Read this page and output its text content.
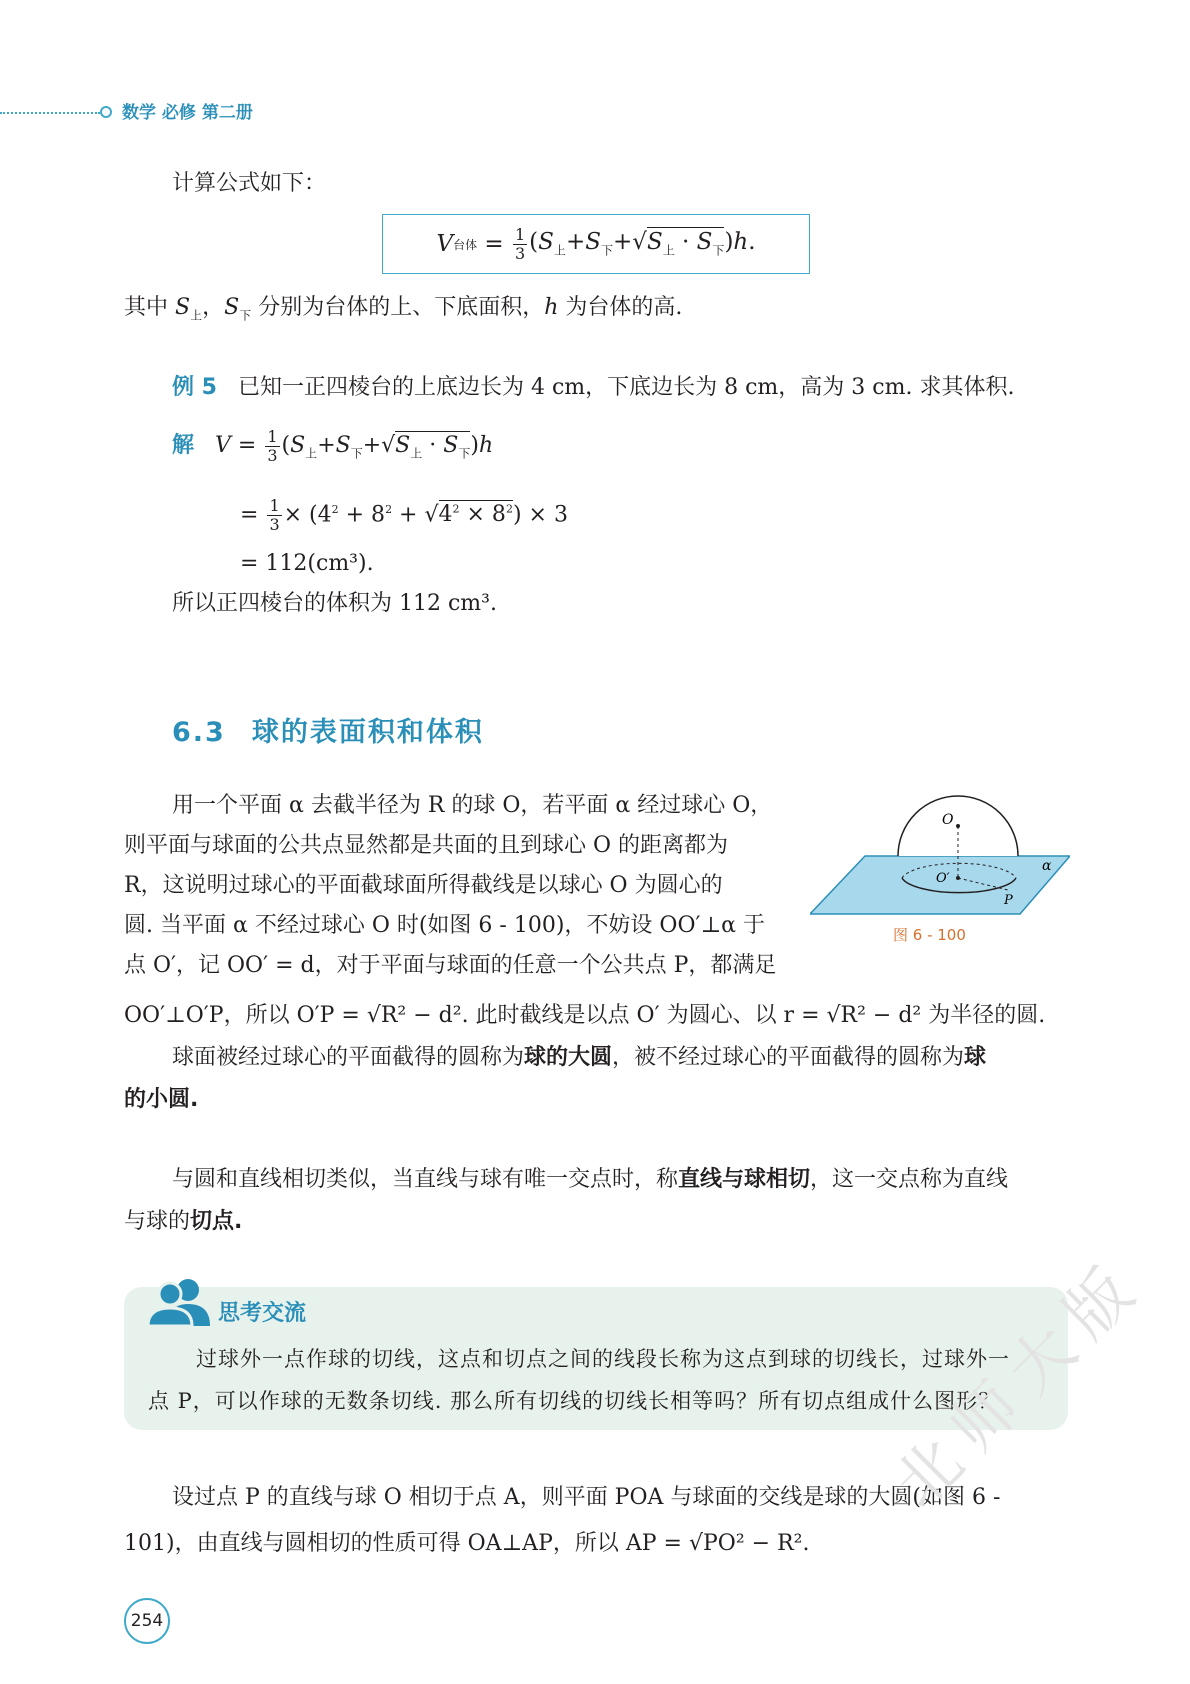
数学 必修 第二册
计算公式如下：
V 台体 = $\frac{1}{3} (S_上+S_下+√S_上 \cdot S_下)h$.
其中 $S_上$，$S_下$ 分别为台体的上、下底面积，h 为台体的高.
例 5 已知一正四棱台的上底边长为 4 cm，下底边长为 8 cm，高为 3 cm. 求其体积.
解 $V = \frac{1}{3} (S_上+S_下+√S_上 \cdot S_下)h$
= $\frac{1}{3} \times (4^2 + 8^2 + √4^2 \times 8^2) \times 3$
= 112(cm³).
所以正四棱台的体积为 112 cm³.
6.3 球的表面积和体积
用一个平面 α 去截半径为 R 的球 O，若平面 α 经过球心 O，
则平面与球面的公共点显然都是共面的且到球心 O 的距离都为
R，这说明过球心的平面截球面所得截线是以球心 O 为圆心的
圆. 当平面 α 不经过球心 O 时(如图 6 - 100)，不妨设 OO′⊥α 于
点 O′，记 OO′ = d，对于平面与球面的任意一个公共点 P，都满足
OO′⊥O′P，所以 O′P = √R² − d². 此时截线是以点 O′ 为圆心、以 r = √R² − d² 为半径的圆.
O
O′
P
α
图 6 - 100
球面被经过球心的平面截得的圆称为球的大圆，被不经过球心的平面截得的圆称为球
的小圆.
与圆和直线相切类似，当直线与球有唯一交点时，称直线与球相切，这一交点称为直线
与球的切点.
思考交流
过球外一点作球的切线，这点和切点之间的线段长称为这点到球的切线长，过球外一
点 P，可以作球的无数条切线. 那么所有切线的切线长相等吗？所有切点组成什么图形？
设过点 P 的直线与球 O 相切于点 A，则平面 POA 与球面的交线是球的大圆(如图 6 -
101)，由直线与圆相切的性质可得 OA⊥AP，所以 AP = √PO² − R².
254
北师大版
